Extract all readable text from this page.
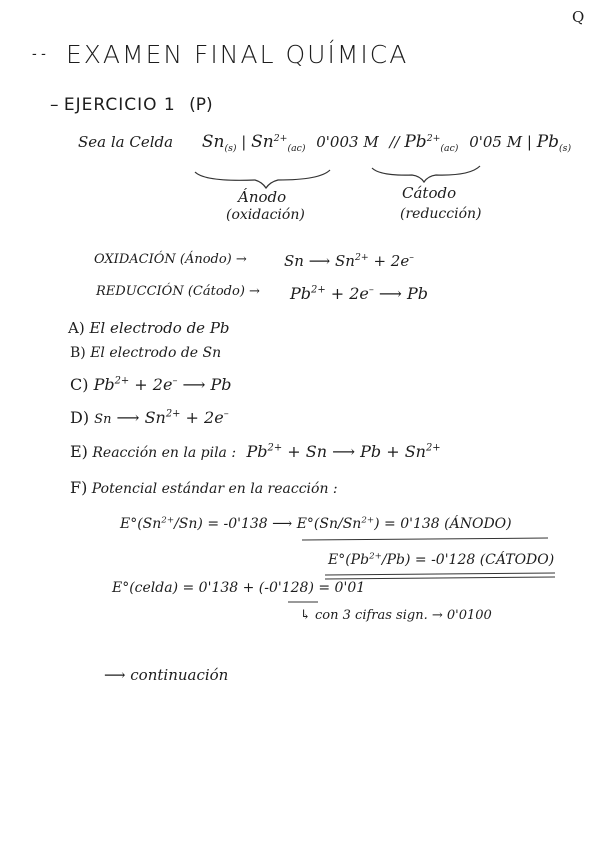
Q
- - EXAMEN FINAL QUÍMICA
– EJERCICIO 1 (P)
Sea la Celda $Sn_{(s)}$ | $Sn^{2+}_{(ac)}$ 0'003 M // $Pb^{2+}_{(ac)}$ 0'05 M | $Pb_{(s)}$
Ánodo
(oxidación)
Cátodo
(reducción)
OXIDACIÓN (Ánodo) → Sn ⟶ $Sn^{2+} + 2e^-$
REDUCCIÓN (Cátodo) → $Pb^{2+} + 2e^-$ ⟶ Pb
A) El electrodo de Pb
B) El electrodo de Sn
C) $Pb^{2+} + 2e^-$ ⟶ Pb
D) Sn ⟶ $Sn^{2+} + 2e^-$
E) Reacción en la pila : $Pb^{2+} + Sn$ ⟶ $Pb + Sn^{2+}$
F) Potencial estándar en la reacción :
$E^\circ(Sn^{2+}/Sn) = -0'138$ ⟶ $E^\circ(Sn/Sn^{2+}) = 0'138$ (ÁNODO)
$E^\circ(Pb^{2+}/Pb) = -0'128$ (CÁTODO)
E°(celda) = 0'138 + (-0'128) = 0'01
↳ con 3 cifras sign. → 0'0100
⟶ continuación
